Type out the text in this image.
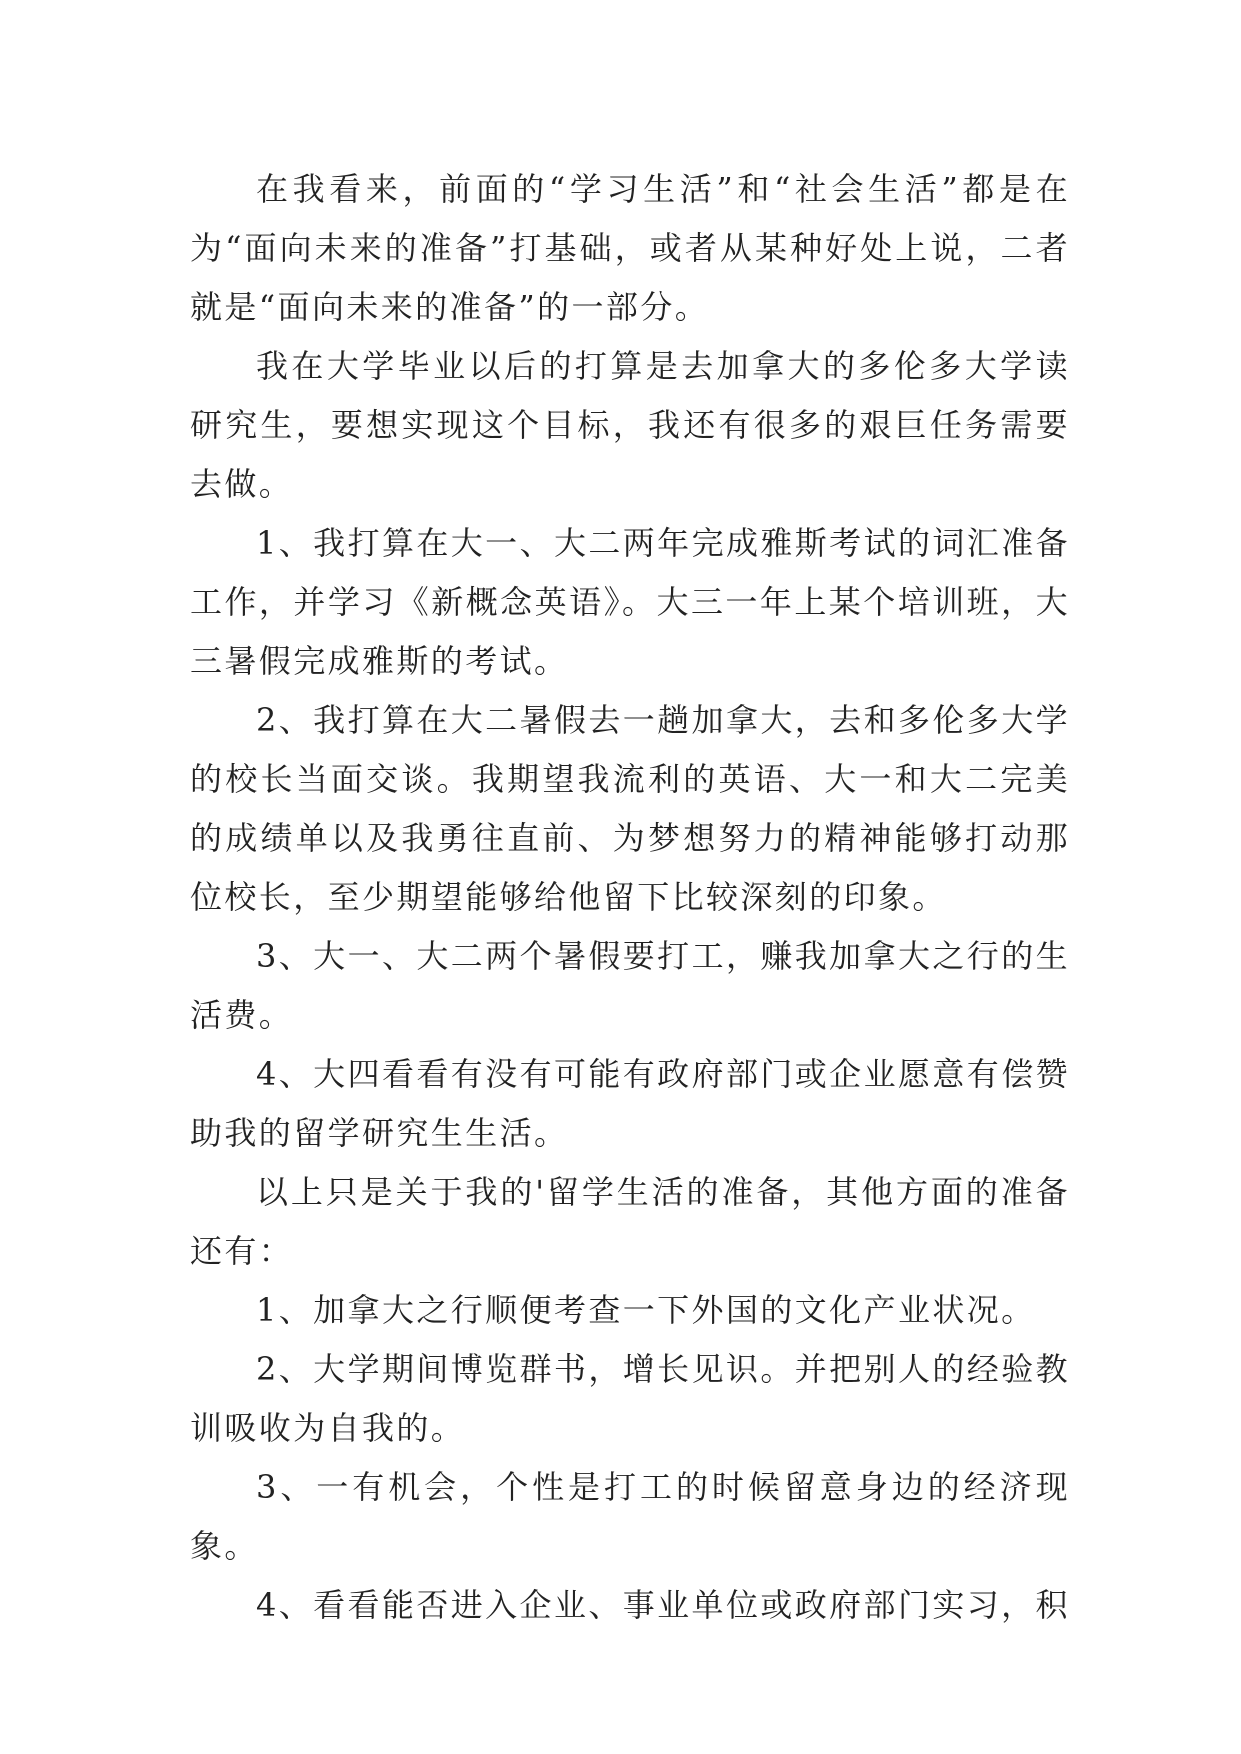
在我看来，前面的“学习生活”和“社会生活”都是在为“面向未来的准备”打基础，或者从某种好处上说，二者就是“面向未来的准备”的一部分。

我在大学毕业以后的打算是去加拿大的多伦多大学读研究生，要想实现这个目标，我还有很多的艰巨任务需要去做。

1、我打算在大一、大二两年完成雅斯考试的词汇准备工作，并学习《新概念英语》。大三一年上某个培训班，大三暑假完成雅斯的考试。

2、我打算在大二暑假去一趟加拿大，去和多伦多大学的校长当面交谈。我期望我流利的英语、大一和大二完美的成绩单以及我勇往直前、为梦想努力的精神能够打动那位校长，至少期望能够给他留下比较深刻的印象。

3、大一、大二两个暑假要打工，赚我加拿大之行的生活费。

4、大四看看有没有可能有政府部门或企业愿意有偿赞助我的留学研究生生活。

以上只是关于我的'留学生活的准备，其他方面的准备还有：

1、加拿大之行顺便考查一下外国的文化产业状况。

2、大学期间博览群书，增长见识。并把别人的经验教训吸收为自我的。

3、一有机会，个性是打工的时候留意身边的经济现象。

4、看看能否进入企业、事业单位或政府部门实习，积
